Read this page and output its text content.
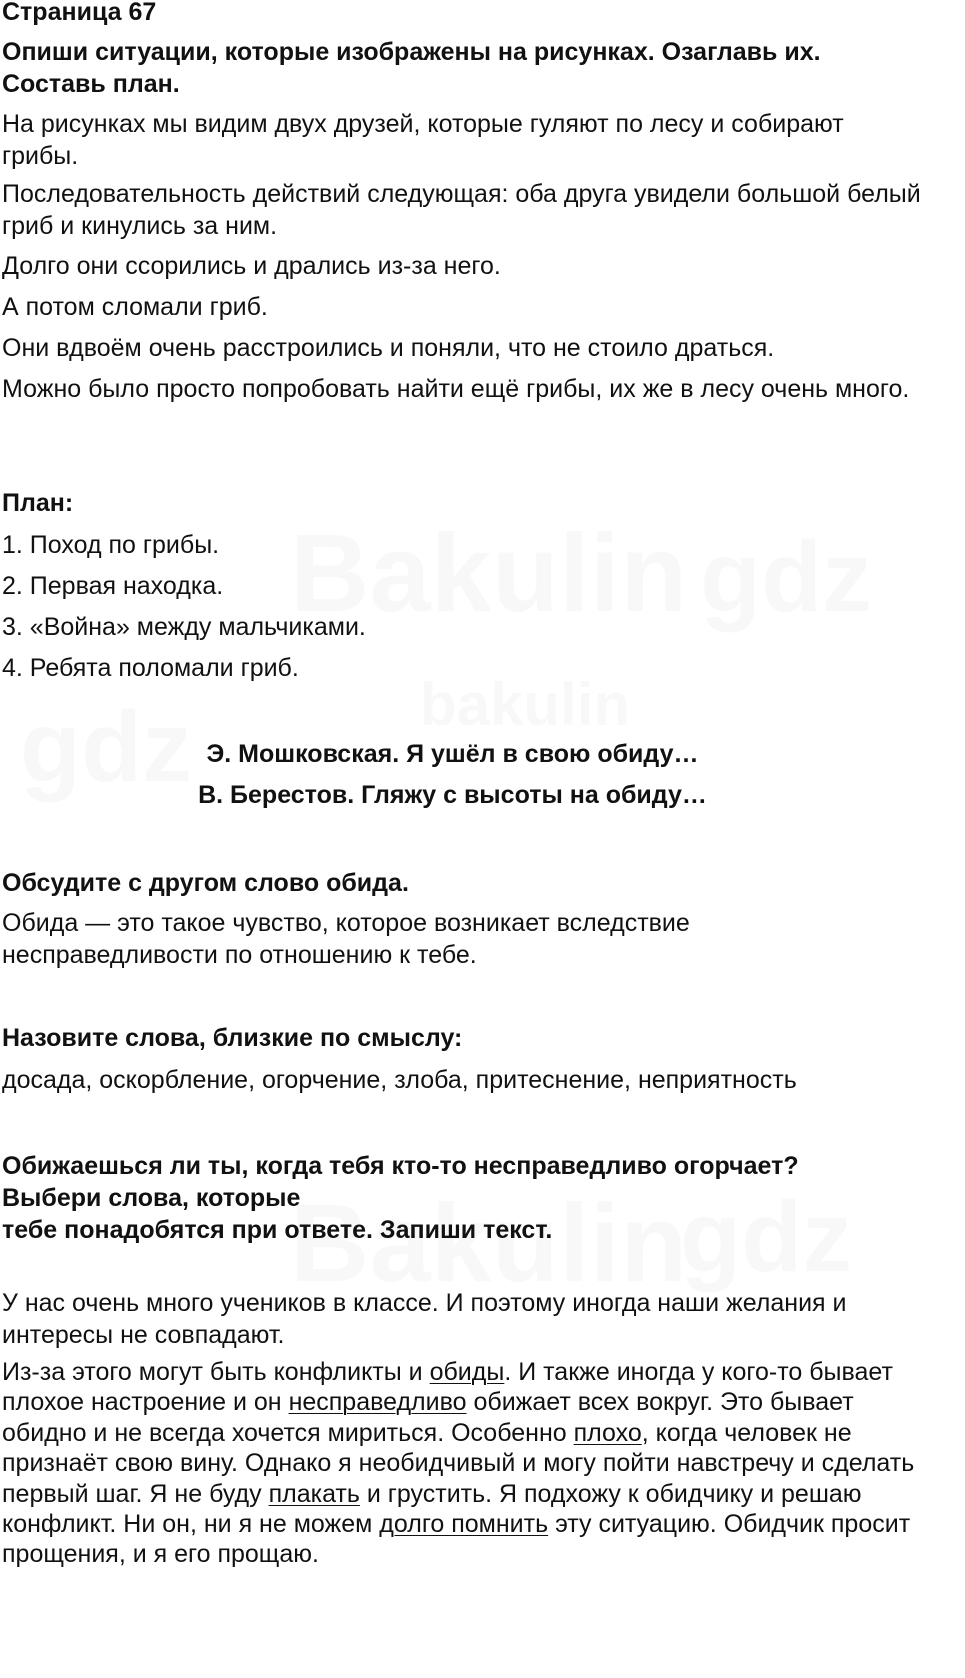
Страница 67

Опиши ситуации, которые изображены на рисунках. Озаглавь их. Составь план.

На рисунках мы видим двух друзей, которые гуляют по лесу и собирают грибы.

Последовательность действий следующая: оба друга увидели большой белый гриб и кинулись за ним.

Долго они ссорились и дрались из-за него.

А потом сломали гриб.

Они вдвоём очень расстроились и поняли, что не стоило драться.

Можно было просто попробовать найти ещё грибы, их же в лесу очень много.

План:

1. Поход по грибы.

2. Первая находка.

3. «Война» между мальчиками.

4. Ребята поломали гриб.

Э. Мошковская. Я ушёл в свою обиду…

В. Берестов. Гляжу с высоты на обиду…

Обсудите с другом слово обида.

Обида — это такое чувство, которое возникает вследствие несправедливости по отношению к тебе.

Назовите слова, близкие по смыслу:

досада, оскорбление, огорчение, злоба, притеснение, неприятность

Обижаешься ли ты, когда тебя кто-то несправедливо огорчает? Выбери слова, которые

тебе понадобятся при ответе. Запиши текст.

У нас очень много учеников в классе. И поэтому иногда наши желания и интересы не совпадают.

Из-за этого могут быть конфликты и обиды. И также иногда у кого-то бывает плохое настроение и он несправедливо обижает всех вокруг. Это бывает обидно и не всегда хочется мириться. Особенно плохо, когда человек не признаёт свою вину. Однако я необидчивый и могу пойти навстречу и сделать первый шаг. Я не буду плакать и грустить. Я подхожу к обидчику и решаю конфликт. Ни он, ни я не можем долго помнить эту ситуацию. Обидчик просит прощения, и я его прощаю.
